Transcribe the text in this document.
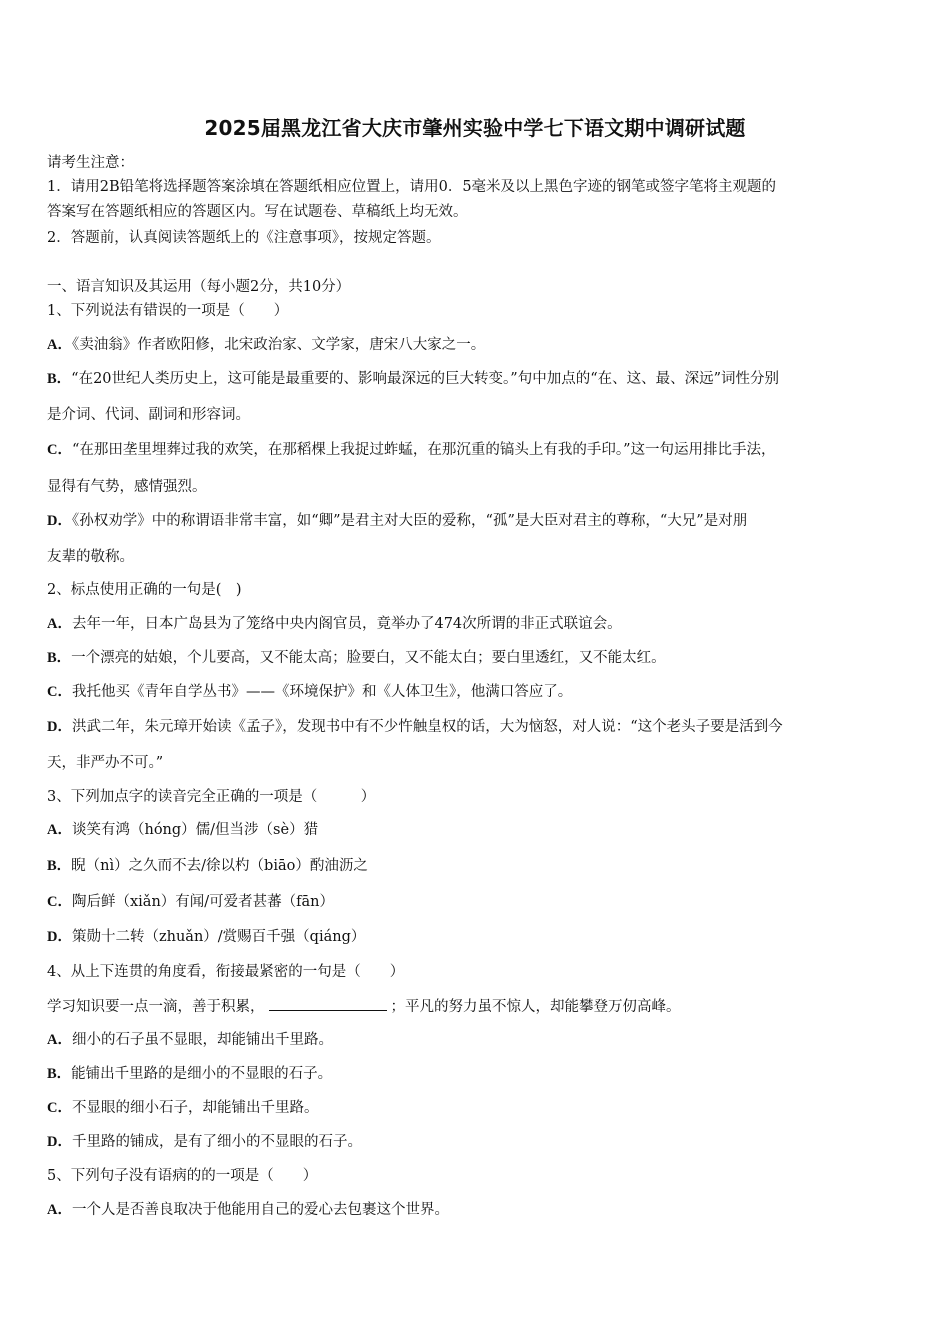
2025届黑龙江省大庆市肇州实验中学七下语文期中调研试题
请考生注意：
1．请用2B铅笔将选择题答案涂填在答题纸相应位置上，请用0．5毫米及以上黑色字迹的钢笔或签字笔将主观题的
答案写在答题纸相应的答题区内。写在试题卷、草稿纸上均无效。
2．答题前，认真阅读答题纸上的《注意事项》，按规定答题。
一、语言知识及其运用（每小题2分，共10分）
1、下列说法有错误的一项是（　　）
A．《卖油翁》作者欧阳修，北宋政治家、文学家，唐宋八大家之一。
B．“在20世纪人类历史上，这可能是最重要的、影响最深远的巨大转变。”句中加点的“在、这、最、深远”词性分别
是介词、代词、副词和形容词。
C．“在那田垄里埋葬过我的欢笑，在那稻棵上我捉过蚱蜢，在那沉重的镐头上有我的手印。”这一句运用排比手法，
显得有气势，感情强烈。
D．《孙权劝学》中的称谓语非常丰富，如“卿”是君主对大臣的爱称，“孤”是大臣对君主的尊称，“大兄”是对朋
友辈的敬称。
2、标点使用正确的一句是(　)
A．去年一年，日本广岛县为了笼络中央内阁官员，竟举办了474次所谓的非正式联谊会。
B．一个漂亮的姑娘，个儿要高，又不能太高；脸要白，又不能太白；要白里透红，又不能太红。
C．我托他买《青年自学丛书》——《环境保护》和《人体卫生》，他满口答应了。
D．洪武二年，朱元璋开始读《孟子》，发现书中有不少忤触皇权的话，大为恼怒，对人说：“这个老头子要是活到今
天，非严办不可。”
3、下列加点字的读音完全正确的一项是（　　　）
A．谈笑有鸿（hóng）儒/但当涉（sè）猎
B．睨（nì）之久而不去/徐以杓（biāo）酌油沥之
C．陶后鲜（xiǎn）有闻/可爱者甚蕃（fān）
D．策勋十二转（zhuǎn）/赏赐百千强（qiáng）
4、从上下连贯的角度看，衔接最紧密的一句是（　　）
学习知识要一点一滴，善于积累，	；平凡的努力虽不惊人，却能攀登万仞高峰。
A．细小的石子虽不显眼，却能铺出千里路。
B．能铺出千里路的是细小的不显眼的石子。
C．不显眼的细小石子，却能铺出千里路。
D．千里路的铺成，是有了细小的不显眼的石子。
5、下列句子没有语病的的一项是（　　）
A．一个人是否善良取决于他能用自己的爱心去包裹这个世界。
